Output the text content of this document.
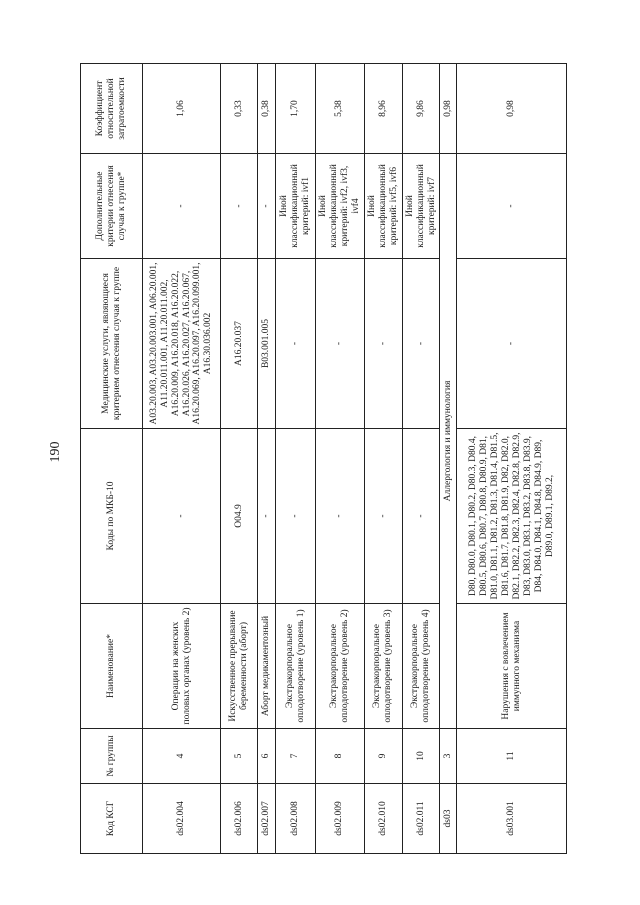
190
Код КСГ	№ группы	Наименование*	Коды по МКБ-10	Медицинские услуги, являющиеся критерием отнесения случая к группе	Дополнительные критерии отнесения случая к группе*	Коэффициент относительной затратоемкости
ds02.004	4	Операции на женских половых органах (уровень 2)	-	A03.20.003, A03.20.003.001, A06.20.001, A11.20.011.001, A11.20.011.002, A16.20.009, A16.20.018, A16.20.022, A16.20.026, A16.20.027, A16.20.067, A16.20.069, A16.20.097, A16.20.099.001, A16.30.036.002	-	1,06
ds02.006	5	Искусственное прерывание беременности (аборт)	O04.9	A16.20.037	-	0,33
ds02.007	6	Аборт медикаментозный	-	B03.001.005	-	0,38
ds02.008	7	Экстракорпоральное оплодотворение (уровень 1)	-	-	Иной классификационный критерий: ivf1	1,70
ds02.009	8	Экстракорпоральное оплодотворение (уровень 2)	-	-	Иной классификационный критерий: ivf2, ivf3, ivf4	5,38
ds02.010	9	Экстракорпоральное оплодотворение (уровень 3)	-	-	Иной классификационный критерий: ivf5, ivf6	8,96
ds02.011	10	Экстракорпоральное оплодотворение (уровень 4)	-	-	Иной классификационный критерий: ivf7	9,86
ds03	3	Аллергология и иммунология				0,98
ds03.001	11	Нарушения с вовлечением иммунного механизма	D80, D80.0, D80.1, D80.2, D80.3, D80.4, D80.5, D80.6, D80.7, D80.8, D80.9, D81, D81.0, D81.1, D81.2, D81.3, D81.4, D81.5, D81.6, D81.7, D81.8, D81.9, D82, D82.0, D82.1, D82.2, D82.3, D82.4, D82.8, D82.9, D83, D83.0, D83.1, D83.2, D83.8, D83.9, D84, D84.0, D84.1, D84.8, D84.9, D89, D89.0, D89.1, D89.2,	-	-	0,98
